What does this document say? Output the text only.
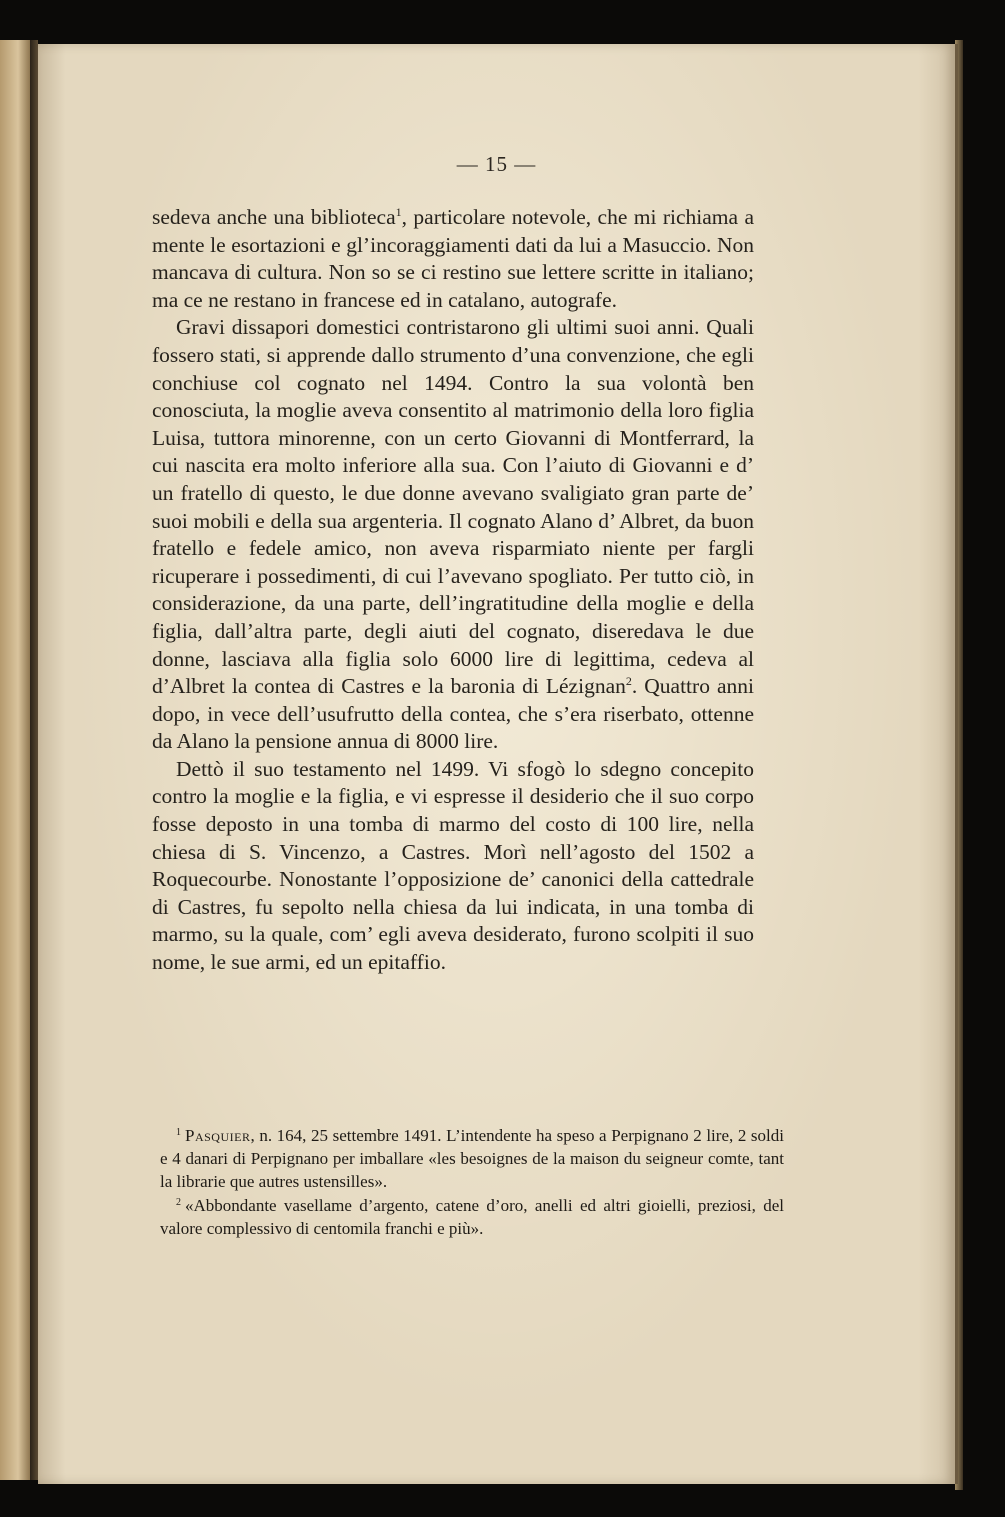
— 15 —

sedeva anche una biblioteca$^1$, particolare notevole, che mi richiama a mente le esortazioni e gl’incoraggiamenti dati da lui a Masuccio. Non mancava di cultura. Non so se ci restino sue lettere scritte in italiano; ma ce ne restano in francese ed in catalano, autografe.

Gravi dissapori domestici contristarono gli ultimi suoi anni. Quali fossero stati, si apprende dallo strumento d’una convenzione, che egli conchiuse col cognato nel 1494. Contro la sua volontà ben conosciuta, la moglie aveva consentito al matrimonio della loro figlia Luisa, tuttora minorenne, con un certo Giovanni di Montferrard, la cui nascita era molto inferiore alla sua. Con l’aiuto di Giovanni e d’ un fratello di questo, le due donne avevano svaligiato gran parte de’ suoi mobili e della sua argenteria. Il cognato Alano d’ Albret, da buon fratello e fedele amico, non aveva risparmiato niente per fargli ricuperare i possedimenti, di cui l’avevano spogliato. Per tutto ciò, in considerazione, da una parte, dell’ingratitudine della moglie e della figlia, dall’altra parte, degli aiuti del cognato, diseredava le due donne, lasciava alla figlia solo 6000 lire di legittima, cedeva al d’Albret la contea di Castres e la baronia di Lézignan$^2$. Quattro anni dopo, in vece dell’usufrutto della contea, che s’era riserbato, ottenne da Alano la pensione annua di 8000 lire.

Dettò il suo testamento nel 1499. Vi sfogò lo sdegno concepito contro la moglie e la figlia, e vi espresse il desiderio che il suo corpo fosse deposto in una tomba di marmo del costo di 100 lire, nella chiesa di S. Vincenzo, a Castres. Morì nell’agosto del 1502 a Roquecourbe. Nonostante l’opposizione de’ canonici della cattedrale di Castres, fu sepolto nella chiesa da lui indicata, in una tomba di marmo, su la quale, com’ egli aveva desiderato, furono scolpiti il suo nome, le sue armi, ed un epitaffio.

$^1$ Pasquier, n. 164, 25 settembre 1491. L’intendente ha speso a Perpignano 2 lire, 2 soldi e 4 danari di Perpignano per imballare «les besoignes de la maison du seigneur comte, tant la librarie que autres ustensilles».

$^2$ «Abbondante vasellame d’argento, catene d’oro, anelli ed altri gioielli, preziosi, del valore complessivo di centomila franchi e più».
